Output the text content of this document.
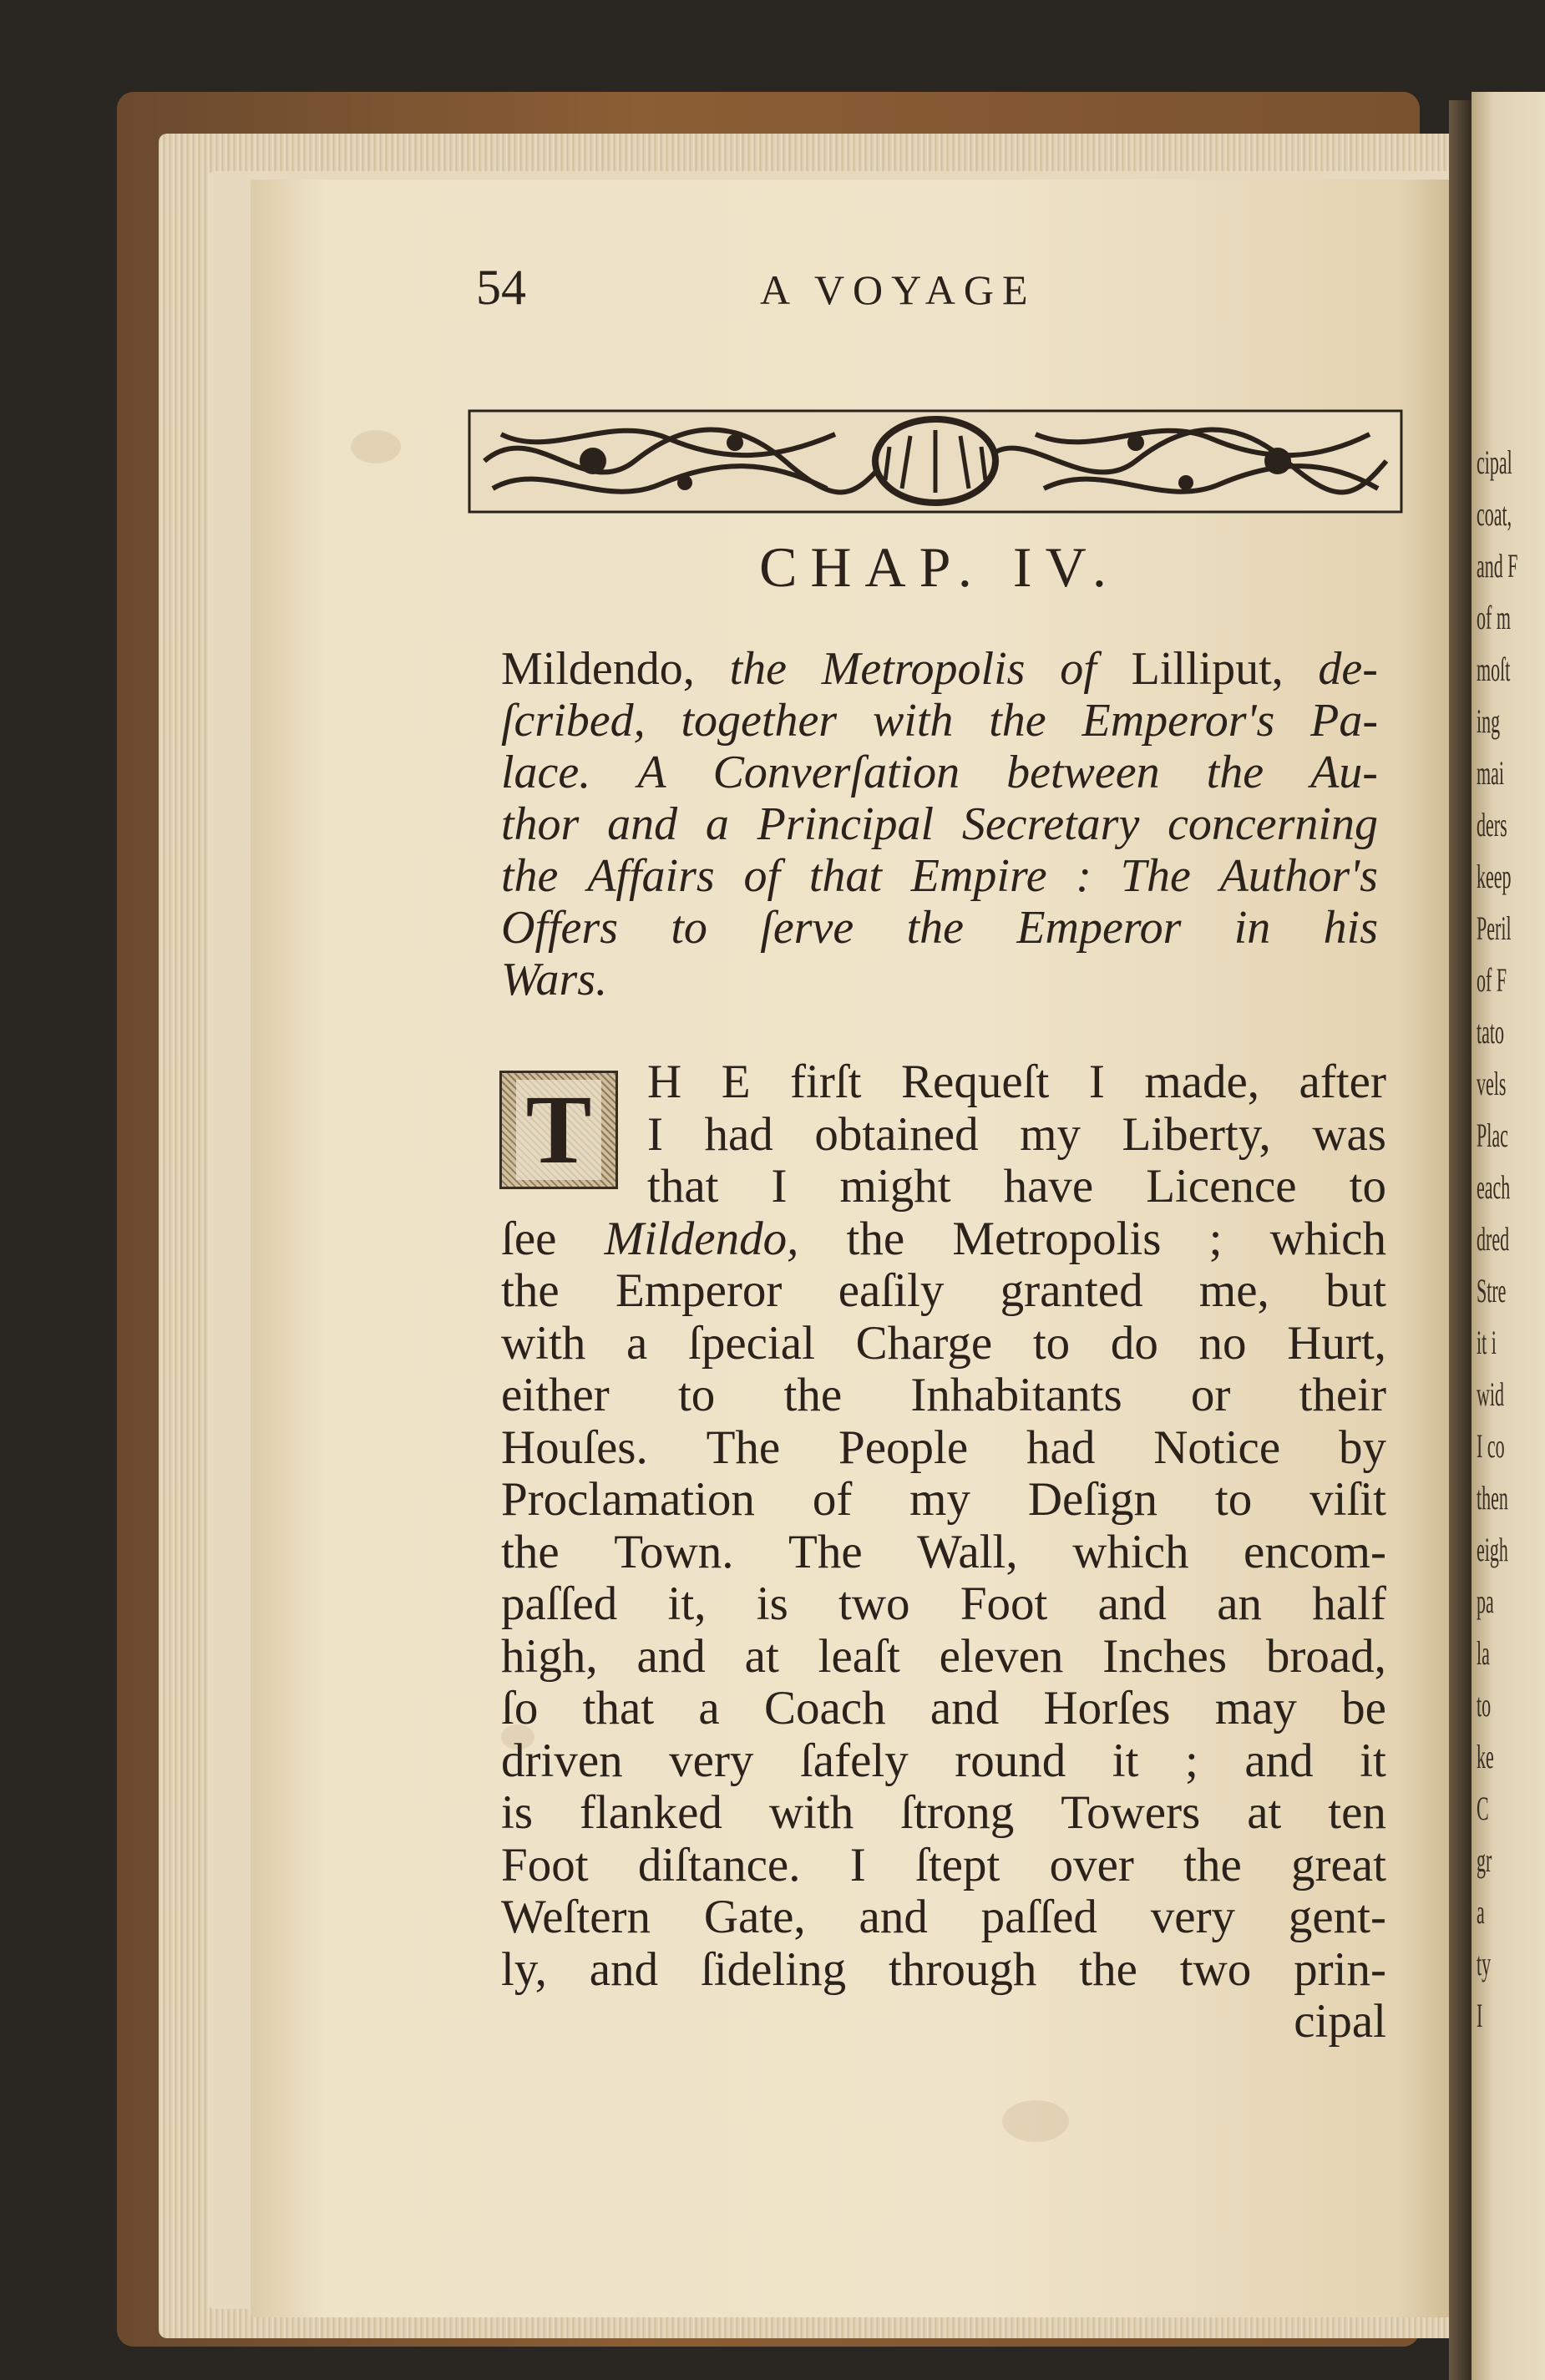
cipal
coat,
and F
of m
moſt
ing
mai
ders
keep
Peril
of F
tato
vels
Plac
each
dred
Stre
it i
wid
I co
then
eigh
pa
la
to
ke
C
gr
a
ty
I
54	A VOYAGE
CHAP. IV.
Mildendo, the Metropolis of Lilliput, de-
ſcribed, together with the Emperor's Pa-
lace. A Converſation between the Au-
thor and a Principal Secretary concerning
the Affairs of that Empire : The Author's
Offers to ſerve the Emperor in his
Wars.
T H E firſt Requeſt I made, after
I had obtained my Liberty, was
that I might have Licence to
ſee Mildendo, the Metropolis ; which
the Emperor eaſily granted me, but
with a ſpecial Charge to do no Hurt,
either to the Inhabitants or their
Houſes. The People had Notice by
Proclamation of my Deſign to viſit
the Town. The Wall, which encom-
paſſed it, is two Foot and an half
high, and at leaſt eleven Inches broad,
ſo that a Coach and Horſes may be
driven very ſafely round it ; and it
is flanked with ſtrong Towers at ten
Foot diſtance. I ſtept over the great
Weſtern Gate, and paſſed very gent-
ly, and ſideling through the two prin-
cipal
